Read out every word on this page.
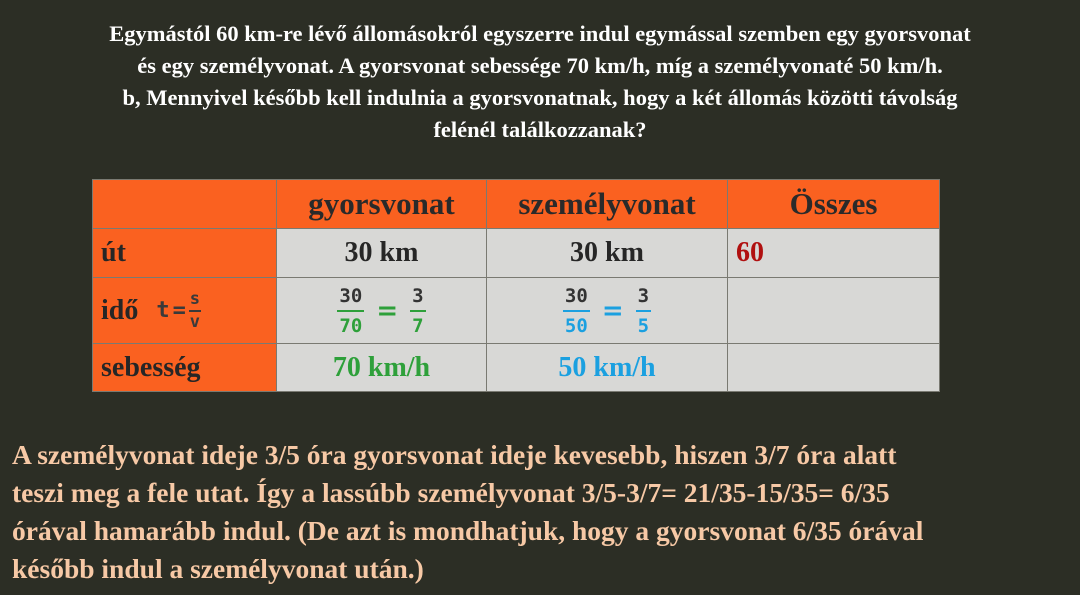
Egymástól 60 km-re lévő állomásokról egyszerre indul egymással szemben egy gyorsvonat
és egy személyvonat. A gyorsvonat sebessége 70 km/h, míg a személyvonaté 50 km/h.
b, Mennyivel később kell indulnia a gyorsvonatnak, hogy a két állomás közötti távolság
felénél találkozzanak?
	gyorsvonat	személyvonat	Összes
út	30 km	30 km	60

idő t = s
v	$\frac{30}{70} = \frac{3}{7}$	$\frac{30}{50} = \frac{3}{5}$

sebesség	70 km/h	50 km/h	
A személyvonat ideje 3/5 óra gyorsvonat ideje kevesebb, hiszen 3/7 óra alatt
teszi meg a fele utat. Így a lassúbb személyvonat 3/5-3/7= 21/35-15/35= 6/35
órával hamarább indul. (De azt is mondhatjuk, hogy a gyorsvonat 6/35 órával
később indul a személyvonat után.)
